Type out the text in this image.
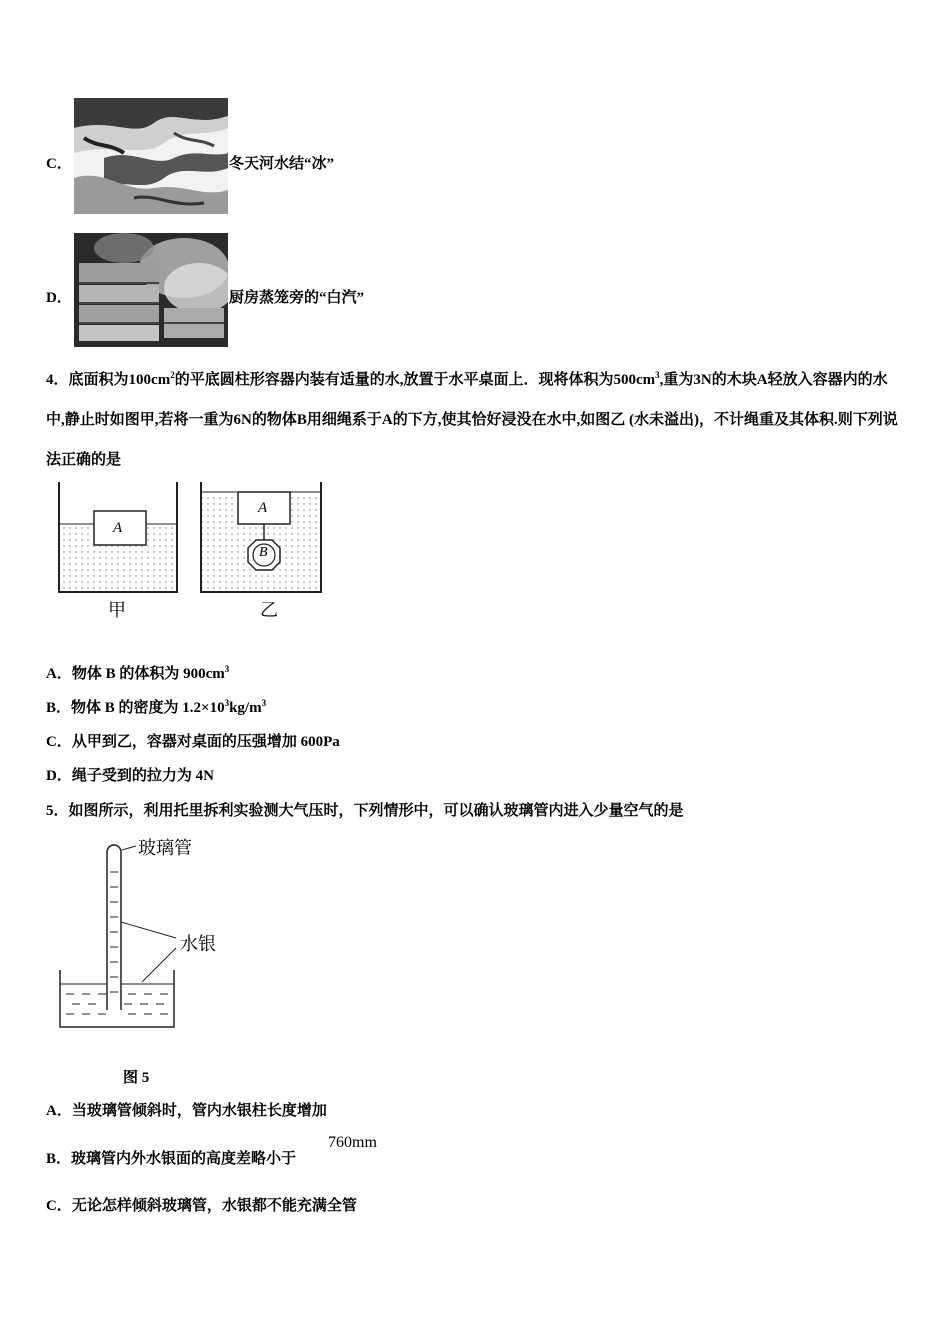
C．	冬天河水结“冰”
D．	厨房蒸笼旁的“白汽”
4．底面积为$100cm^2$的平底圆柱形容器内装有适量的水,放置于水平桌面上．现将体积为$500cm^3$,重为3N的木块A轻放入容器内的水中,静止时如图甲,若将一重为6N的物体B用细绳系于A的下方,使其恰好浸没在水中,如图乙 (水未溢出)，不计绳重及其体积.则下列说法正确的是
A
A
B
甲	乙
A．物体 B 的体积为 $900cm^3$
B．物体 B 的密度为 $1.2\times 10^3kg/m^3$
C．从甲到乙，容器对桌面的压强增加 600Pa
D．绳子受到的拉力为 4N
5．如图所示，利用托里拆利实验测大气压时，下列情形中，可以确认玻璃管内进入少量空气的是
玻璃管
水银
图 5
A．当玻璃管倾斜时，管内水银柱长度增加
B．玻璃管内外水银面的高度差略小于
760mm
C．无论怎样倾斜玻璃管，水银都不能充满全管
